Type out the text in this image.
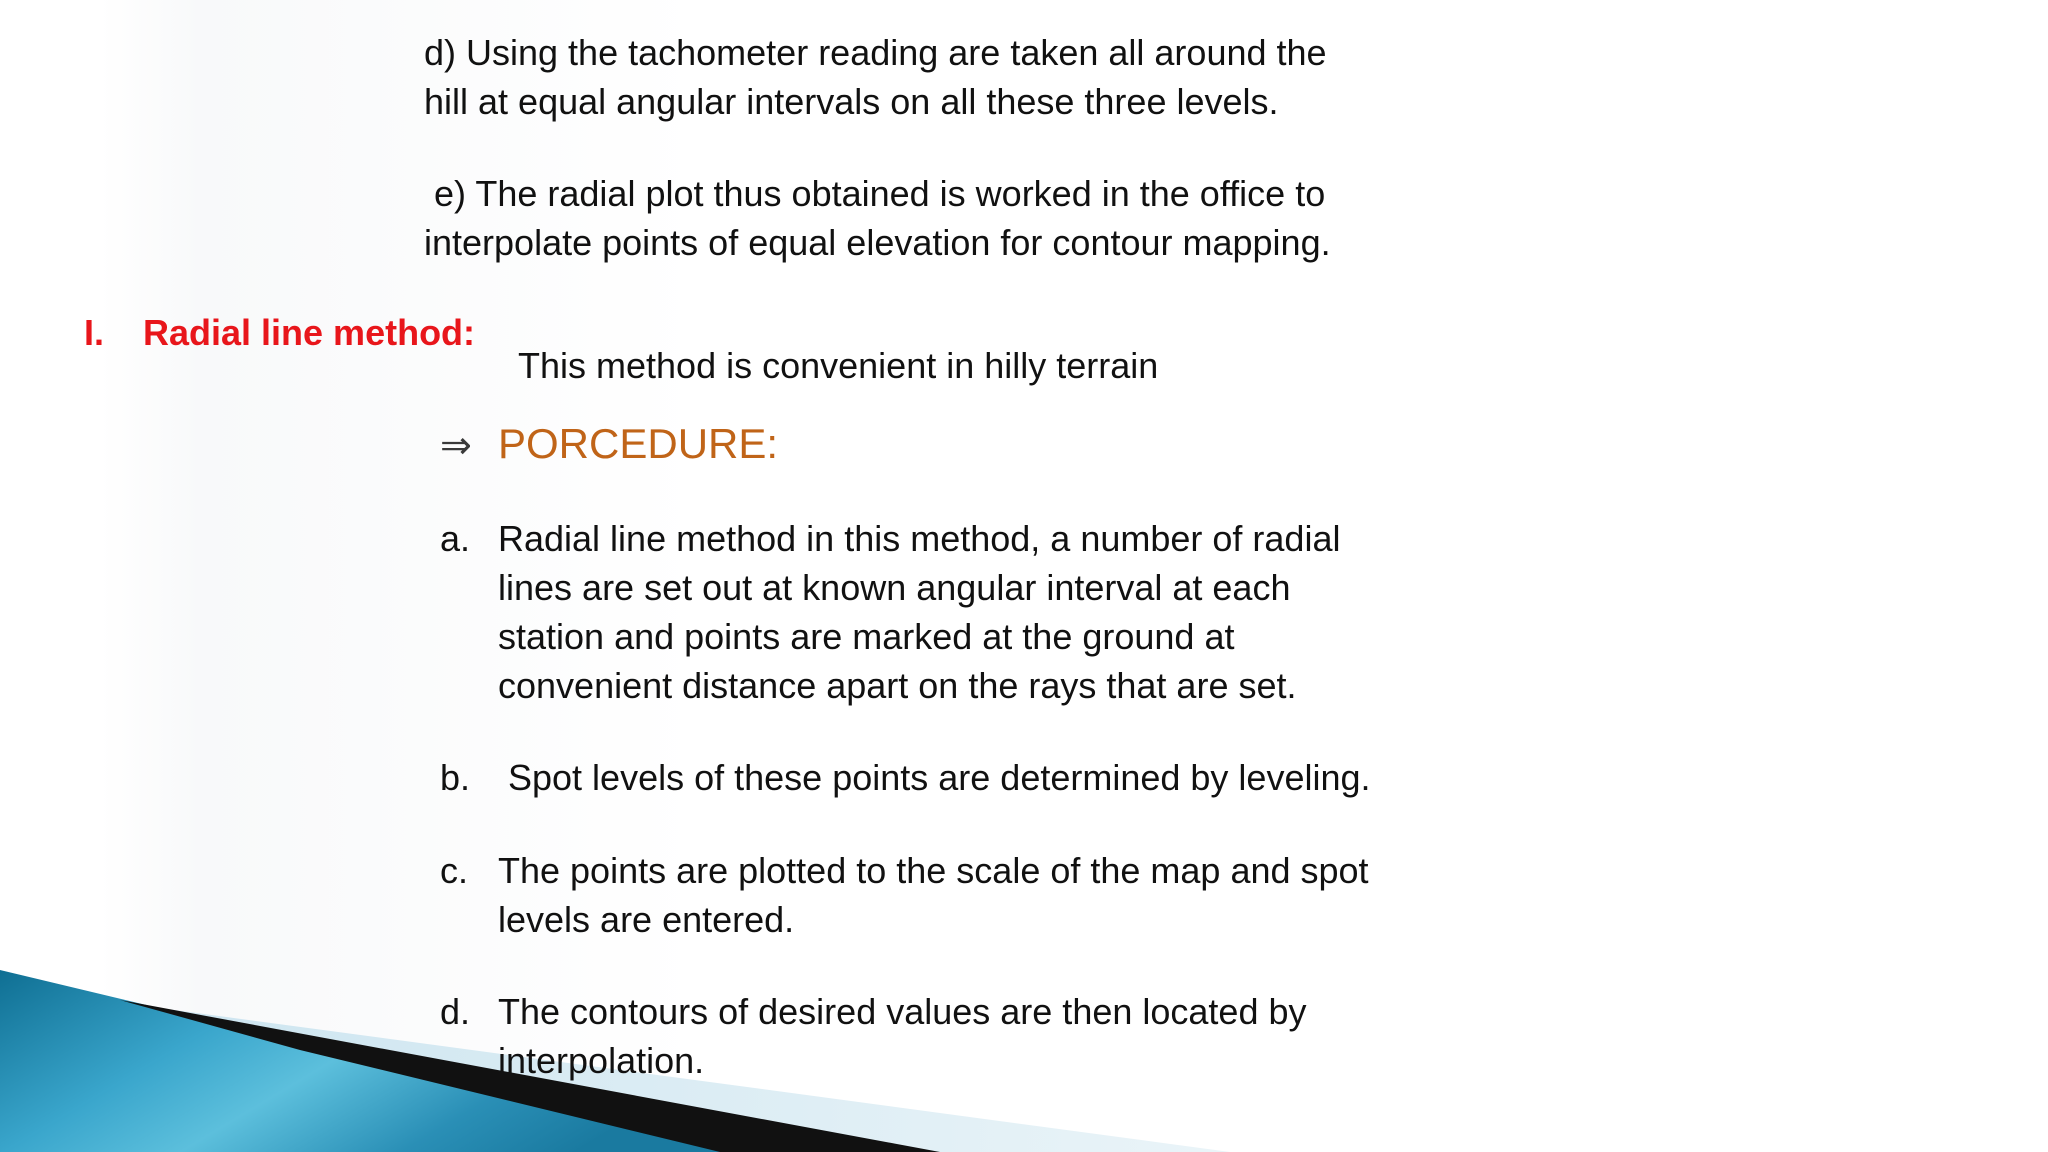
d) Using the tachometer reading are taken all around the
hill at equal angular intervals on all these three levels.
e) The radial plot thus obtained is worked in the office to
interpolate points of equal elevation for contour mapping.
I. Radial line method:
This method is convenient in hilly terrain
⇒ PORCEDURE:
a. Radial line method in this method, a number of radial
lines are set out at known angular interval at each
station and points are marked at the ground at
convenient distance apart on the rays that are set.
b. Spot levels of these points are determined by leveling.
c. The points are plotted to the scale of the map and spot
levels are entered.
d. The contours of desired values are then located by
interpolation.
